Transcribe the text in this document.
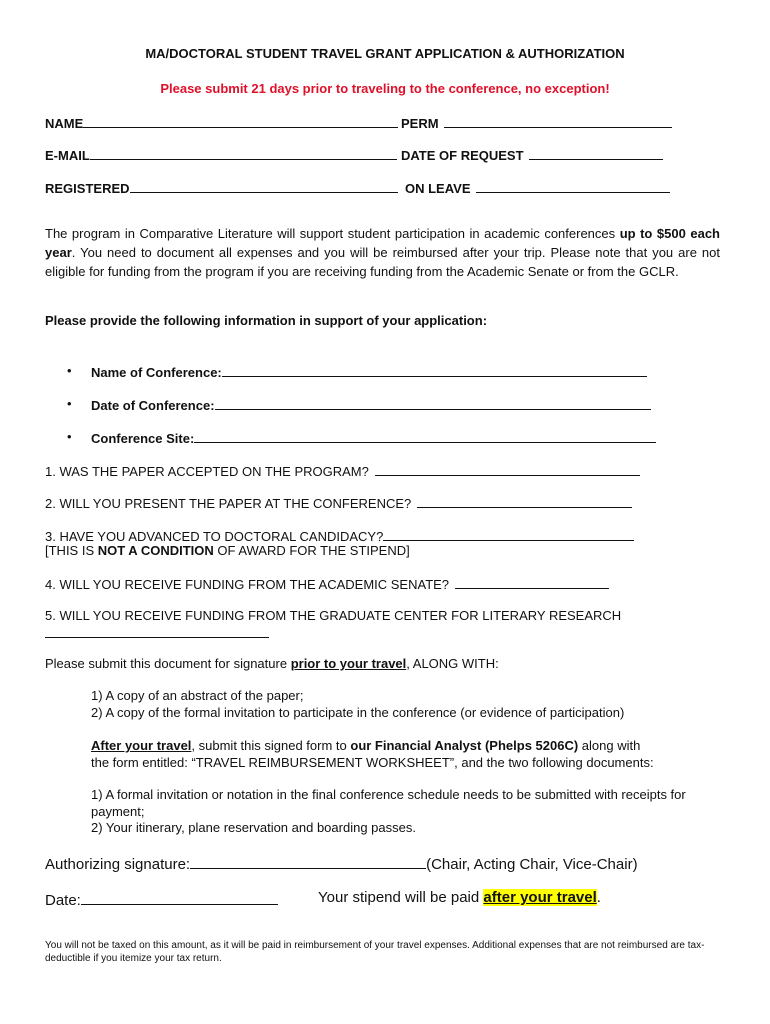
MA/DOCTORAL STUDENT TRAVEL GRANT APPLICATION & AUTHORIZATION
Please submit 21 days prior to traveling to the conference, no exception!
NAME	PERM
E-MAIL	DATE OF REQUEST
REGISTERED	ON LEAVE
The program in Comparative Literature will support student participation in academic conferences up to $500 each year. You need to document all expenses and you will be reimbursed after your trip. Please note that you are not eligible for funding from the program if you are receiving funding from the Academic Senate or from the GCLR.
Please provide the following information in support of your application:
• Name of Conference:
• Date of Conference:
• Conference Site:
1. WAS THE PAPER ACCEPTED ON THE PROGRAM?
2. WILL YOU PRESENT THE PAPER AT THE CONFERENCE?
3. HAVE YOU ADVANCED TO DOCTORAL CANDIDACY?
[THIS IS NOT A CONDITION OF AWARD FOR THE STIPEND]
4. WILL YOU RECEIVE FUNDING FROM THE ACADEMIC SENATE?
5. WILL YOU RECEIVE FUNDING FROM THE GRADUATE CENTER FOR LITERARY RESEARCH
Please submit this document for signature prior to your travel, ALONG WITH:
1) A copy of an abstract of the paper;
2) A copy of the formal invitation to participate in the conference (or evidence of participation)
After your travel, submit this signed form to our Financial Analyst (Phelps 5206C) along with the form entitled: “TRAVEL REIMBURSEMENT WORKSHEET”, and the two following documents:
1) A formal invitation or notation in the final conference schedule needs to be submitted with receipts for payment;
2) Your itinerary, plane reservation and boarding passes.
Authorizing signature:	(Chair, Acting Chair, Vice-Chair)
Date:	Your stipend will be paid after your travel.
You will not be taxed on this amount, as it will be paid in reimbursement of your travel expenses. Additional expenses that are not reimbursed are tax-deductible if you itemize your tax return.
